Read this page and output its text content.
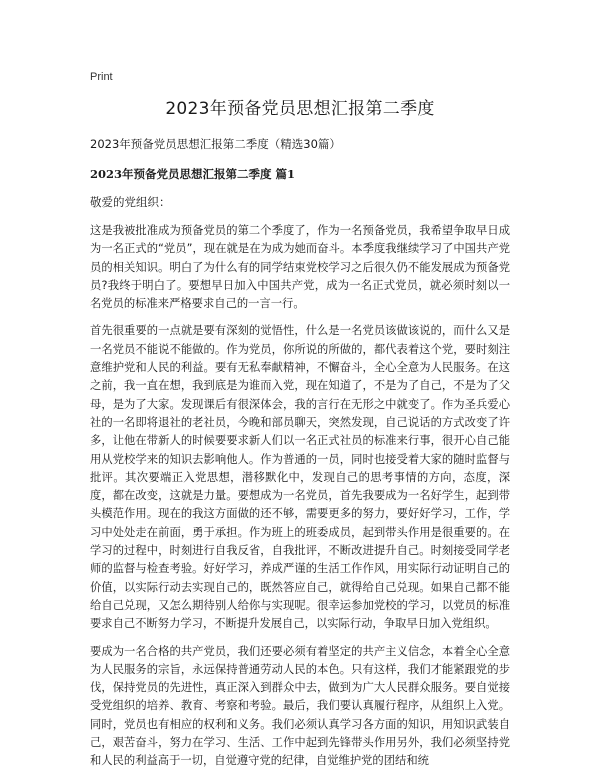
Print
2023年预备党员思想汇报第二季度
2023年预备党员思想汇报第二季度（精选30篇）
2023年预备党员思想汇报第二季度 篇1
敬爱的党组织：

这是我被批准成为预备党员的第二个季度了，作为一名预备党员，我希望争取早日成为一名正式的“党员”，现在就是在为成为她而奋斗。本季度我继续学习了中国共产党员的相关知识。明白了为什么有的同学结束党校学习之后很久仍不能发展成为预备党员?我终于明白了。要想早日加入中国共产党，成为一名正式党员，就必须时刻以一名党员的标准来严格要求自己的一言一行。

首先很重要的一点就是要有深刻的觉悟性，什么是一名党员该做该说的，而什么又是一名党员不能说不能做的。作为党员，你所说的所做的，都代表着这个党，要时刻注意维护党和人民的利益。要有无私奉献精神，不懈奋斗，全心全意为人民服务。在这之前，我一直在想，我到底是为谁而入党，现在知道了，不是为了自己，不是为了父母，是为了大家。发现课后有很深体会，我的言行在无形之中就变了。作为圣兵爱心社的一名即将退社的老社员，今晚和部员聊天，突然发现，自己说话的方式改变了许多，让他在带新人的时候要要求新人们以一名正式社员的标准来行事，很开心自己能用从党校学来的知识去影响他人。作为普通的一员，同时也接受着大家的随时监督与批评。其次要端正入党思想，潜移默化中，发现自己的思考事情的方向，态度，深度，都在改变，这就是力量。要想成为一名党员，首先我要成为一名好学生，起到带头模范作用。现在的我这方面做的还不够，需要更多的努力，要好好学习，工作，学习中处处走在前面，勇于承担。作为班上的班委成员，起到带头作用是很重要的。在学习的过程中，时刻进行自我反省，自我批评，不断改进提升自己。时刻接受同学老师的监督与检查考验。好好学习，养成严谨的生活工作作风，用实际行动证明自己的价值，以实际行动去实现自己的，既然答应自己，就得给自己兑现。如果自己都不能给自己兑现，又怎么期待别人给你与实现呢。很幸运参加党校的学习，以党员的标准要求自己不断努力学习，不断提升发展自己，以实际行动，争取早日加入党组织。

要成为一名合格的共产党员，我们还要必须有着坚定的共产主义信念，本着全心全意为人民服务的宗旨，永远保持普通劳动人民的本色。只有这样，我们才能紧跟党的步伐，保持党员的先进性，真正深入到群众中去，做到为广大人民群众服务。要自觉接受党组织的培养、教育、考察和考验。最后，我们要认真履行程序，从组织上入党。同时，党员也有相应的权利和义务。我们必须认真学习各方面的知识，用知识武装自己，艰苦奋斗，努力在学习、生活、工作中起到先锋带头作用另外，我们必须坚持党和人民的利益高于一切，自觉遵守党的纪律，自觉维护党的团结和统
